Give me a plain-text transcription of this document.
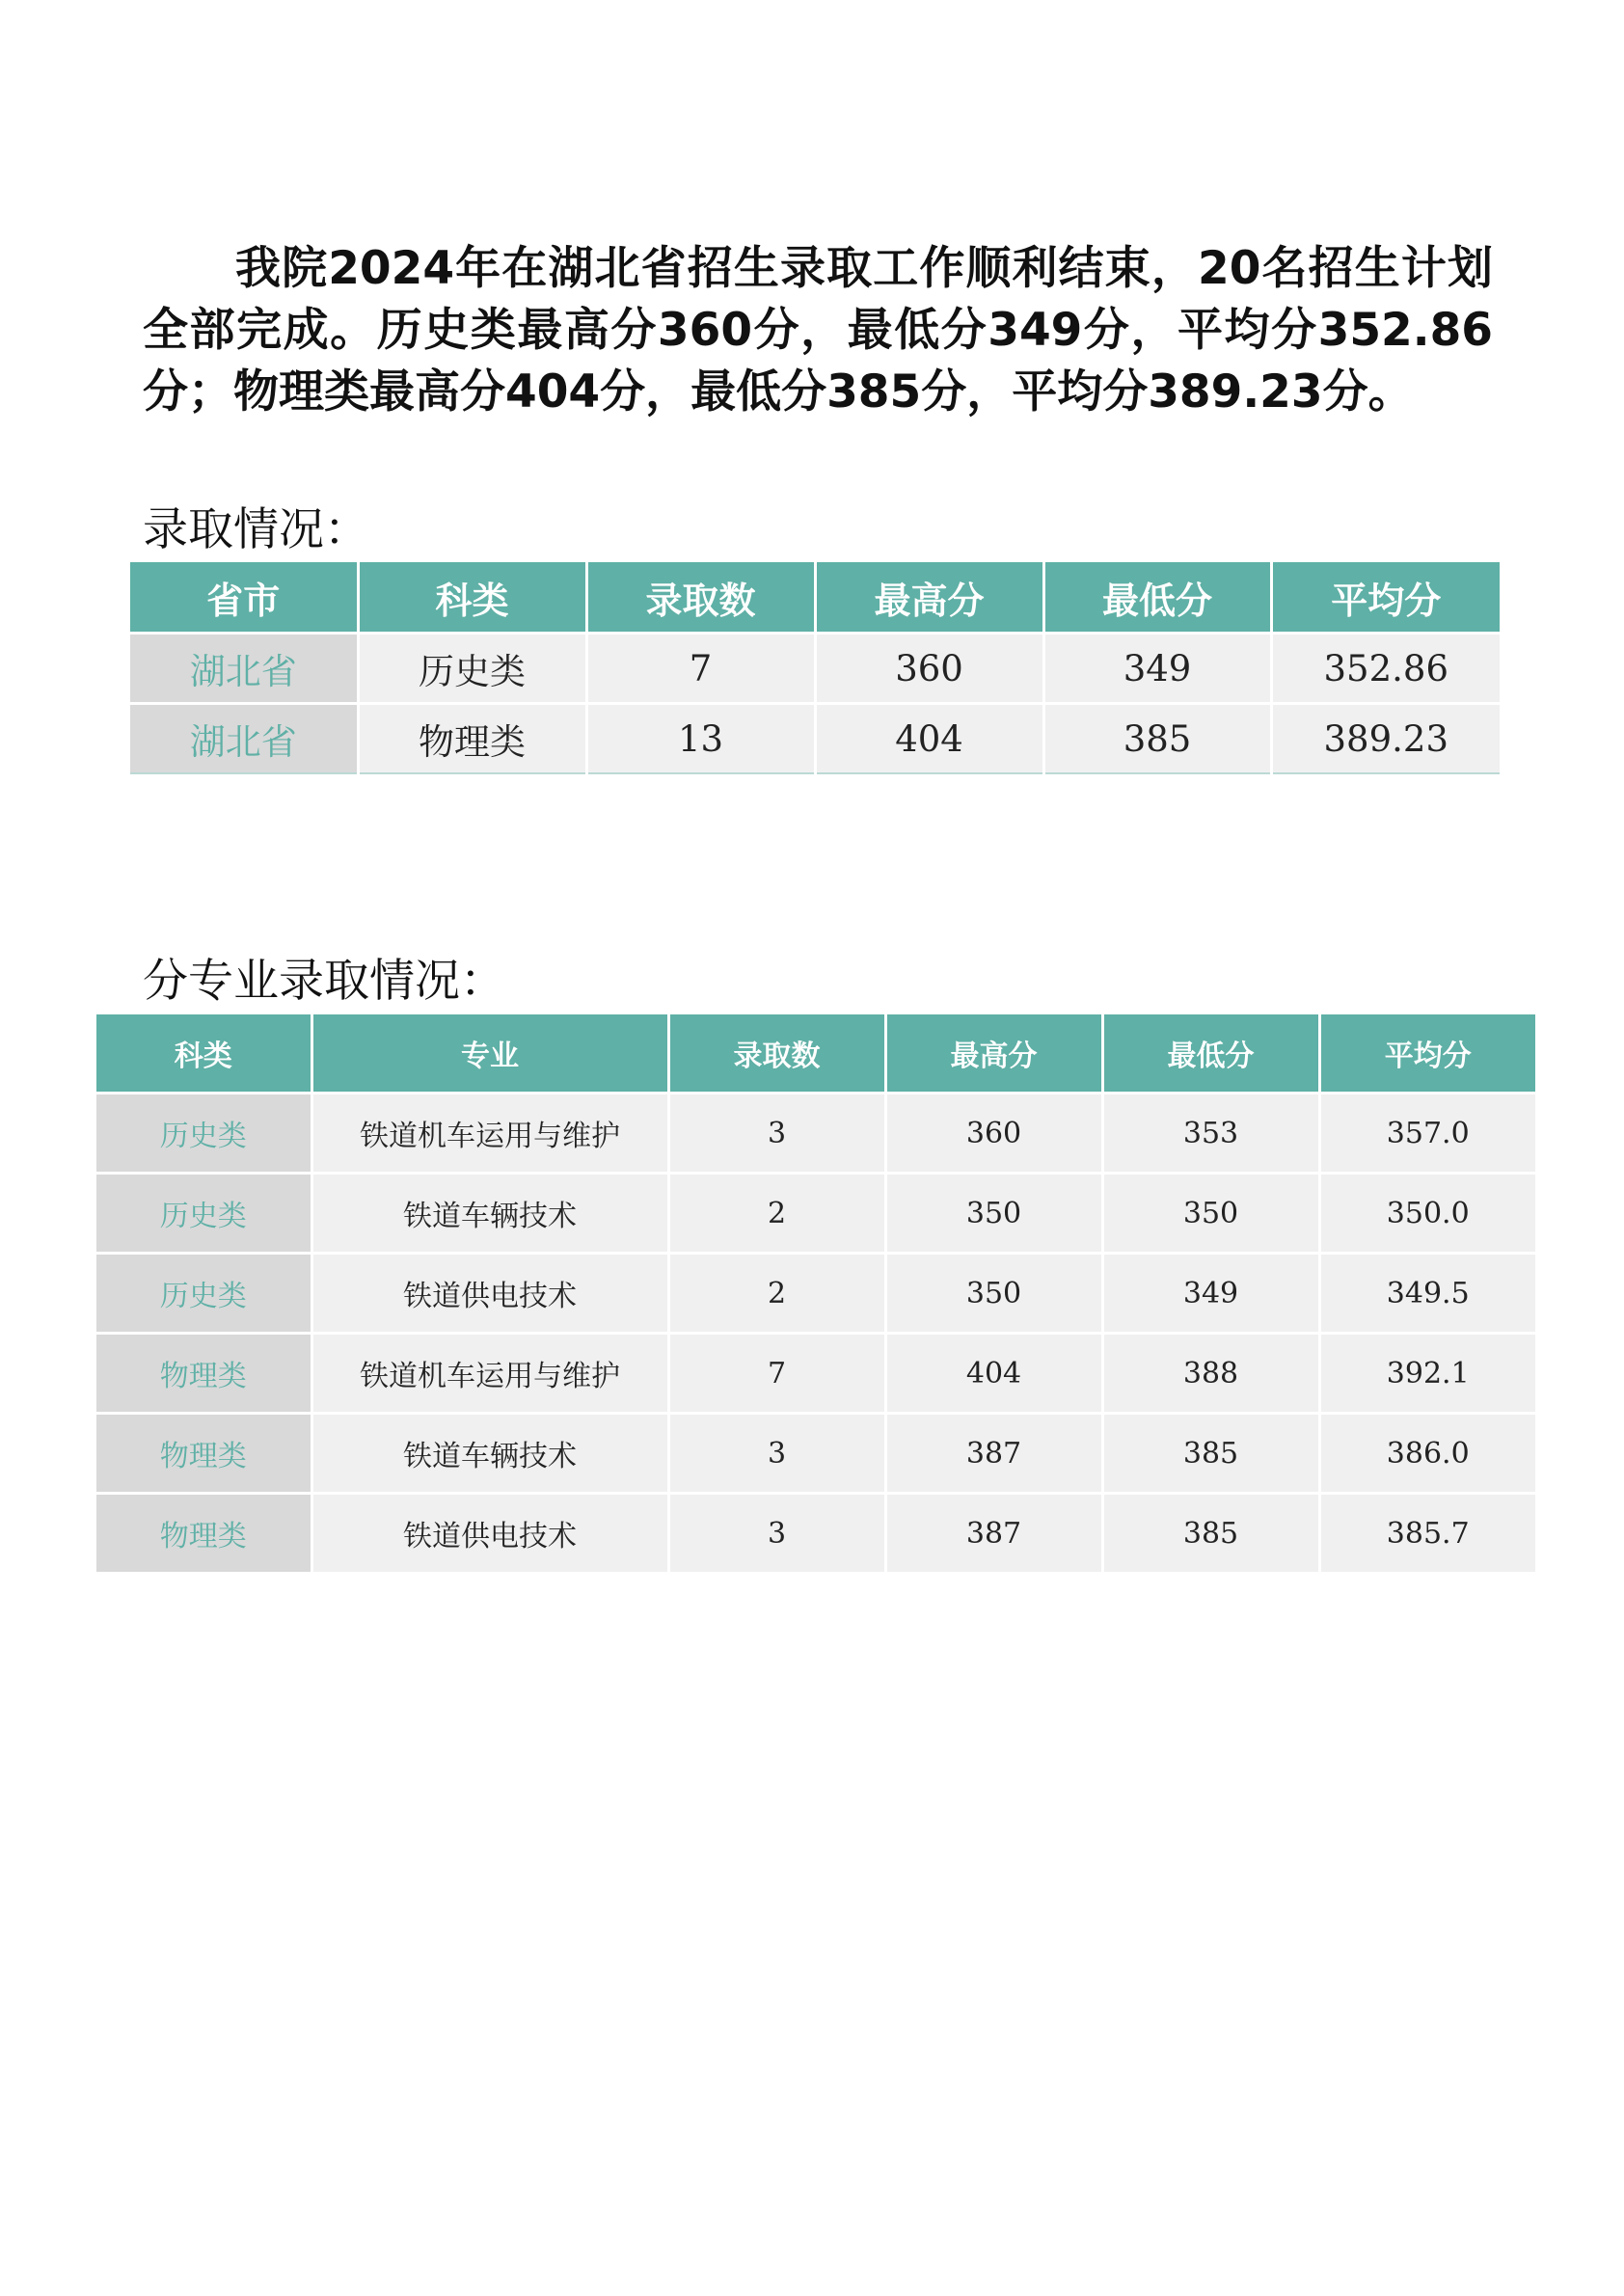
我院2024年在湖北省招生录取工作顺利结束，20名招生计划全部完成。历史类最高分360分，最低分349分，平均分352.86分；物理类最高分404分，最低分385分，平均分389.23分。

录取情况：
省市	科类	录取数	最高分	最低分	平均分
湖北省	历史类	7	360	349	352.86
湖北省	物理类	13	404	385	389.23
分专业录取情况：
科类	专业	录取数	最高分	最低分	平均分
历史类	铁道机车运用与维护	3	360	353	357.0
历史类	铁道车辆技术	2	350	350	350.0
历史类	铁道供电技术	2	350	349	349.5
物理类	铁道机车运用与维护	7	404	388	392.1
物理类	铁道车辆技术	3	387	385	386.0
物理类	铁道供电技术	3	387	385	385.7
